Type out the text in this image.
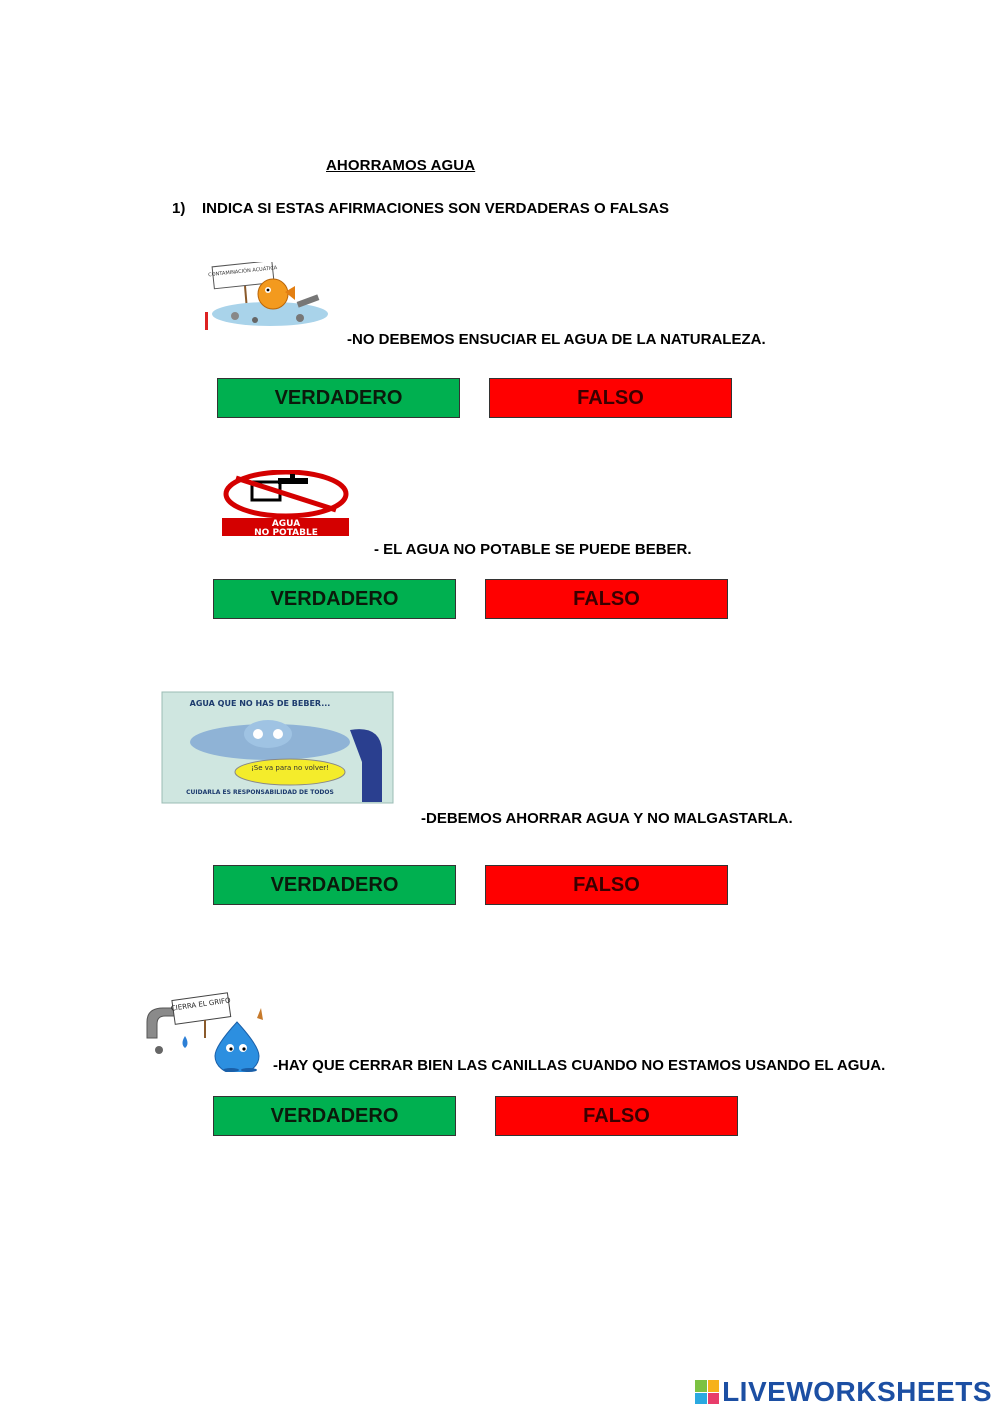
AHORRAMOS AGUA
1) INDICA SI ESTAS AFIRMACIONES SON VERDADERAS O FALSAS
CONTAMINACIÓN ACUÁTICA
-NO DEBEMOS ENSUCIAR EL AGUA DE LA NATURALEZA.
VERDADERO	FALSO
AGUA
NO POTABLE
- EL AGUA NO POTABLE SE PUEDE BEBER.
VERDADERO	FALSO
AGUA QUE NO HAS DE BEBER...
¡Se va para no volver!
CUIDARLA ES RESPONSABILIDAD DE TODOS
-DEBEMOS AHORRAR AGUA Y NO MALGASTARLA.
VERDADERO	FALSO
CIERRA EL GRIFO
-HAY QUE CERRAR BIEN LAS CANILLAS CUANDO NO ESTAMOS USANDO EL AGUA.
VERDADERO	FALSO
LIVEWORKSHEETS
